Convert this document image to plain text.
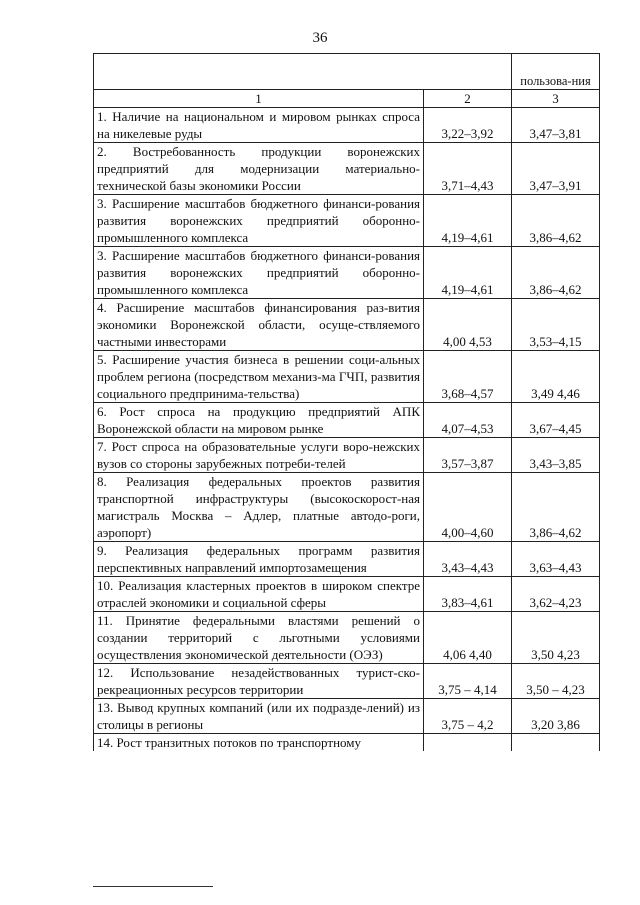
36
		пользова-ния
1	2	3
1. Наличие на национальном и мировом рынках спроса на никелевые руды	3,22–3,92	3,47–3,81
2. Востребованность продукции воронежских предприятий для модернизации материально-технической базы экономики России	3,71–4,43	3,47–3,91
3. Расширение масштабов бюджетного финанси-рования развития воронежских предприятий оборонно-промышленного комплекса	4,19–4,61	3,86–4,62
3. Расширение масштабов бюджетного финанси-рования развития воронежских предприятий оборонно-промышленного комплекса	4,19–4,61	3,86–4,62
4. Расширение масштабов финансирования раз-вития экономики Воронежской области, осуще-ствляемого частными инвесторами	4,00 4,53	3,53–4,15
5. Расширение участия бизнеса в решении соци-альных проблем региона (посредством механиз-ма ГЧП, развития социального предпринима-тельства)	3,68–4,57	3,49 4,46
6. Рост спроса на продукцию предприятий АПК Воронежской области на мировом рынке	4,07–4,53	3,67–4,45
7. Рост спроса на образовательные услуги воро-нежских вузов со стороны зарубежных потреби-телей	3,57–3,87	3,43–3,85
8. Реализация федеральных проектов развития транспортной инфраструктуры (высокоскорост-ная магистраль Москва – Адлер, платные автодо-роги, аэропорт)	4,00–4,60	3,86–4,62
9. Реализация федеральных программ развития перспективных направлений импортозамещения	3,43–4,43	3,63–4,43
10. Реализация кластерных проектов в широком спектре отраслей экономики и социальной сферы	3,83–4,61	3,62–4,23
11. Принятие федеральными властями решений о создании территорий с льготными условиями осуществления экономической деятельности (ОЭЗ)	4,06 4,40	3,50 4,23
12. Использование незадействованных турист-ско-рекреационных ресурсов территории	3,75 – 4,14	3,50 – 4,23
13. Вывод крупных компаний (или их подразде-лений) из столицы в регионы	3,75 – 4,2	3,20 3,86
14. Рост транзитных потоков по транспортному		
